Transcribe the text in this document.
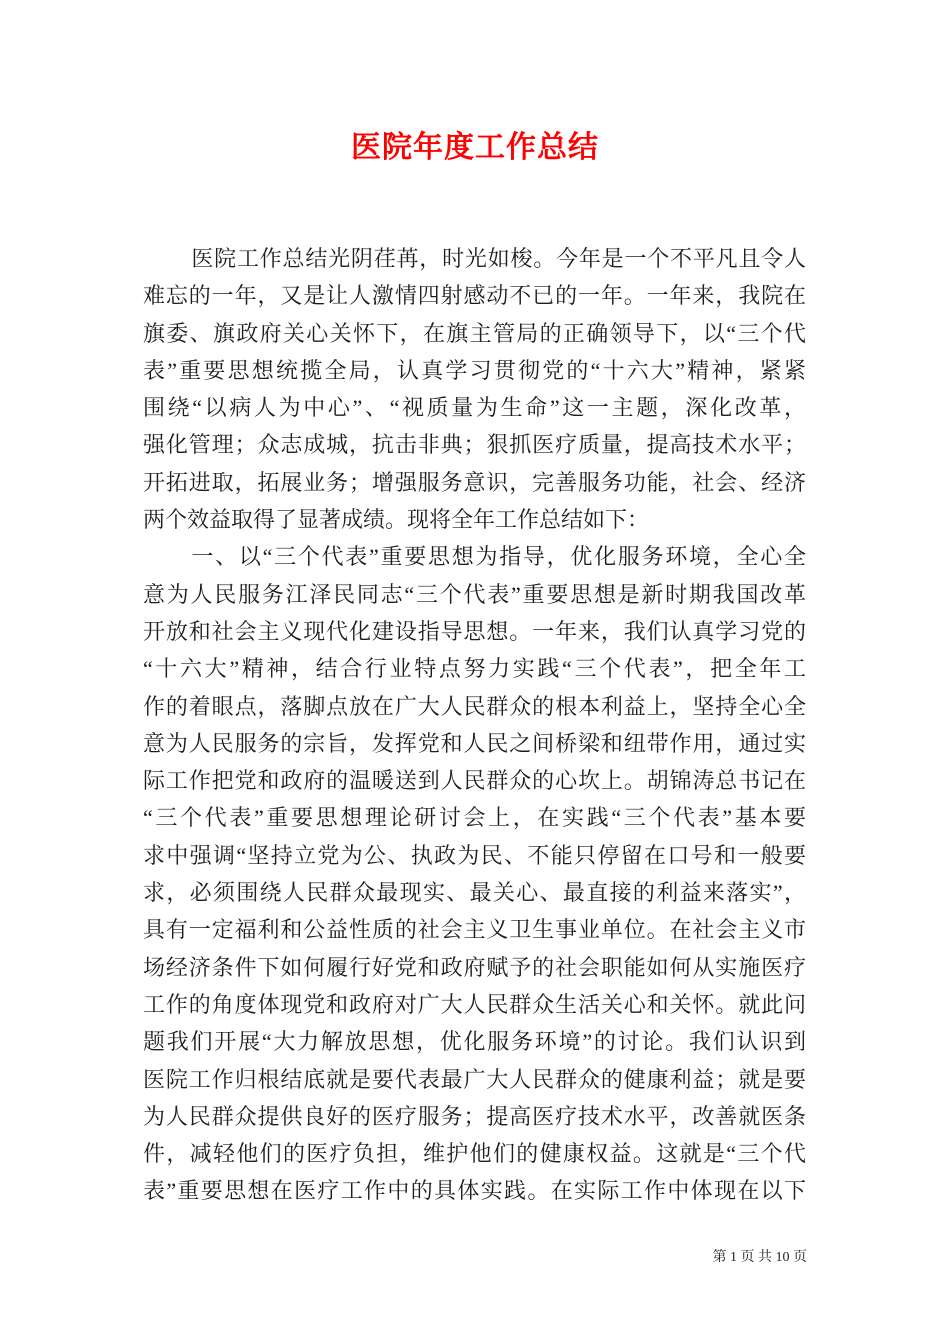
医院年度工作总结
医院工作总结光阴荏苒，时光如梭。今年是一个不平凡且令人
难忘的一年，又是让人激情四射感动不已的一年。一年来，我院在
旗委、旗政府关心关怀下，在旗主管局的正确领导下，以“三个代
表”重要思想统揽全局，认真学习贯彻党的“十六大”精神，紧紧
围绕“以病人为中心”、“视质量为生命”这一主题，深化改革，
强化管理；众志成城，抗击非典；狠抓医疗质量，提高技术水平；
开拓进取，拓展业务；增强服务意识，完善服务功能，社会、经济
两个效益取得了显著成绩。现将全年工作总结如下：
一、以“三个代表”重要思想为指导，优化服务环境，全心全
意为人民服务江泽民同志“三个代表”重要思想是新时期我国改革
开放和社会主义现代化建设指导思想。一年来，我们认真学习党的
“十六大”精神，结合行业特点努力实践“三个代表”，把全年工
作的着眼点，落脚点放在广大人民群众的根本利益上，坚持全心全
意为人民服务的宗旨，发挥党和人民之间桥梁和纽带作用，通过实
际工作把党和政府的温暖送到人民群众的心坎上。胡锦涛总书记在
“三个代表”重要思想理论研讨会上，在实践“三个代表”基本要
求中强调“坚持立党为公、执政为民、不能只停留在口号和一般要
求，必须围绕人民群众最现实、最关心、最直接的利益来落实”，
具有一定福利和公益性质的社会主义卫生事业单位。在社会主义市
场经济条件下如何履行好党和政府赋予的社会职能如何从实施医疗
工作的角度体现党和政府对广大人民群众生活关心和关怀。就此问
题我们开展“大力解放思想，优化服务环境”的讨论。我们认识到
医院工作归根结底就是要代表最广大人民群众的健康利益；就是要
为人民群众提供良好的医疗服务；提高医疗技术水平，改善就医条
件，减轻他们的医疗负担，维护他们的健康权益。这就是“三个代
表”重要思想在医疗工作中的具体实践。在实际工作中体现在以下
第 1 页 共 10 页
